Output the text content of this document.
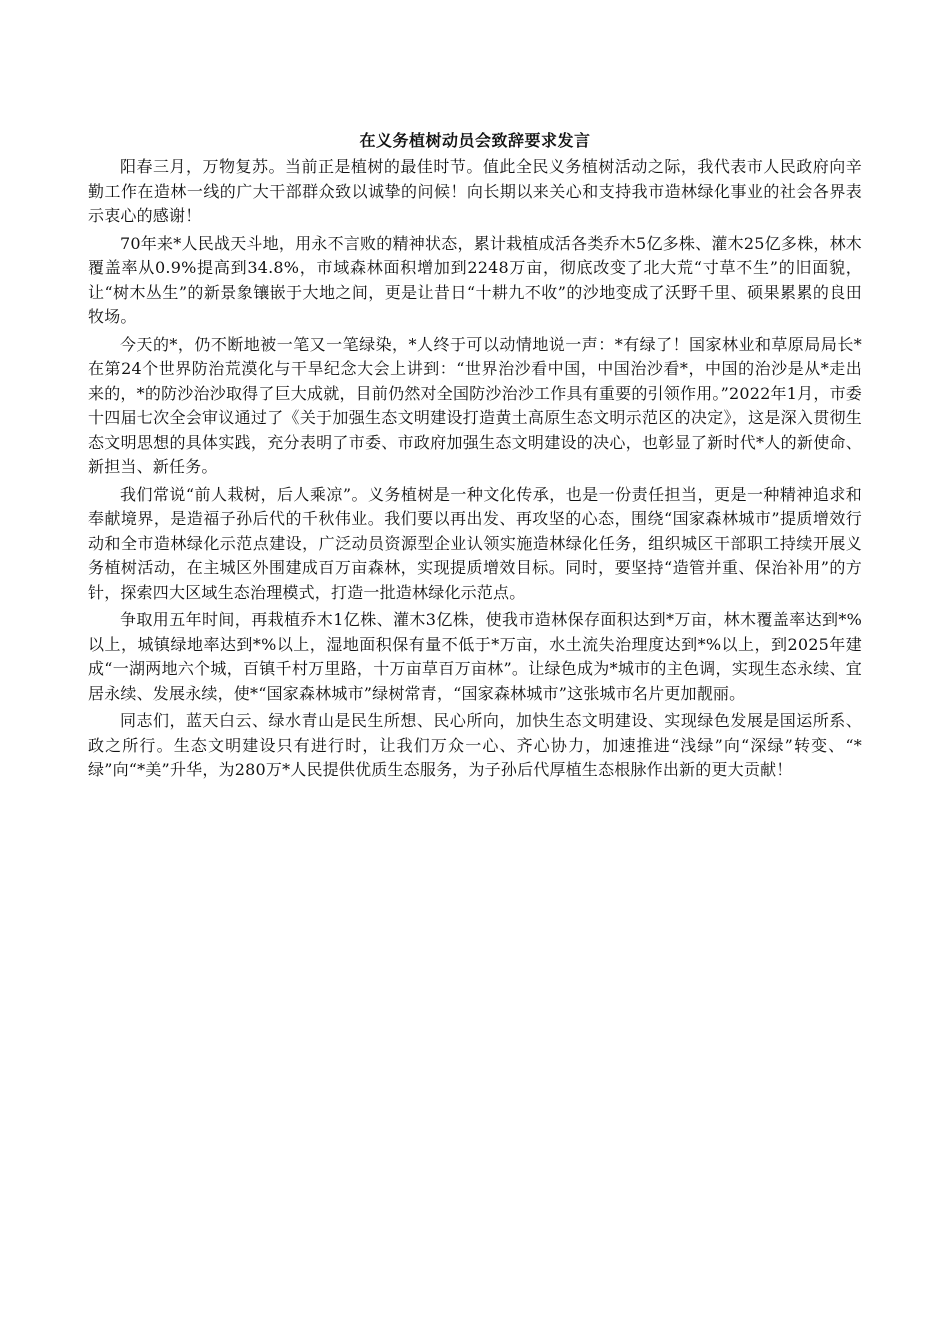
在义务植树动员会致辞要求发言

阳春三月，万物复苏。当前正是植树的最佳时节。值此全民义务植树活动之际，我代表市人民政府向辛勤工作在造林一线的广大干部群众致以诚挚的问候！向长期以来关心和支持我市造林绿化事业的社会各界表示衷心的感谢！

70年来*人民战天斗地，用永不言败的精神状态，累计栽植成活各类乔木5亿多株、灌木25亿多株，林木覆盖率从0.9%提高到34.8%，市域森林面积增加到2248万亩，彻底改变了北大荒“寸草不生”的旧面貌，让“树木丛生”的新景象镶嵌于大地之间，更是让昔日“十耕九不收”的沙地变成了沃野千里、硕果累累的良田牧场。

今天的*，仍不断地被一笔又一笔绿染，*人终于可以动情地说一声：*有绿了！国家林业和草原局局长*在第24个世界防治荒漠化与干旱纪念大会上讲到：“世界治沙看中国，中国治沙看*，中国的治沙是从*走出来的，*的防沙治沙取得了巨大成就，目前仍然对全国防沙治沙工作具有重要的引领作用。”2022年1月，市委十四届七次全会审议通过了《关于加强生态文明建设打造黄土高原生态文明示范区的决定》，这是深入贯彻生态文明思想的具体实践，充分表明了市委、市政府加强生态文明建设的决心，也彰显了新时代*人的新使命、新担当、新任务。

我们常说“前人栽树，后人乘凉”。义务植树是一种文化传承，也是一份责任担当，更是一种精神追求和奉献境界，是造福子孙后代的千秋伟业。我们要以再出发、再攻坚的心态，围绕“国家森林城市”提质增效行动和全市造林绿化示范点建设，广泛动员资源型企业认领实施造林绿化任务，组织城区干部职工持续开展义务植树活动，在主城区外围建成百万亩森林，实现提质增效目标。同时，要坚持“造管并重、保治补用”的方针，探索四大区域生态治理模式，打造一批造林绿化示范点。

争取用五年时间，再栽植乔木1亿株、灌木3亿株，使我市造林保存面积达到*万亩，林木覆盖率达到*%以上，城镇绿地率达到*%以上，湿地面积保有量不低于*万亩，水土流失治理度达到*%以上，到2025年建成“一湖两地六个城，百镇千村万里路，十万亩草百万亩林”。让绿色成为*城市的主色调，实现生态永续、宜居永续、发展永续，使*“国家森林城市”绿树常青，“国家森林城市”这张城市名片更加靓丽。

同志们，蓝天白云、绿水青山是民生所想、民心所向，加快生态文明建设、实现绿色发展是国运所系、政之所行。生态文明建设只有进行时，让我们万众一心、齐心协力，加速推进“浅绿”向“深绿”转变、“*绿”向“*美”升华，为280万*人民提供优质生态服务，为子孙后代厚植生态根脉作出新的更大贡献！
